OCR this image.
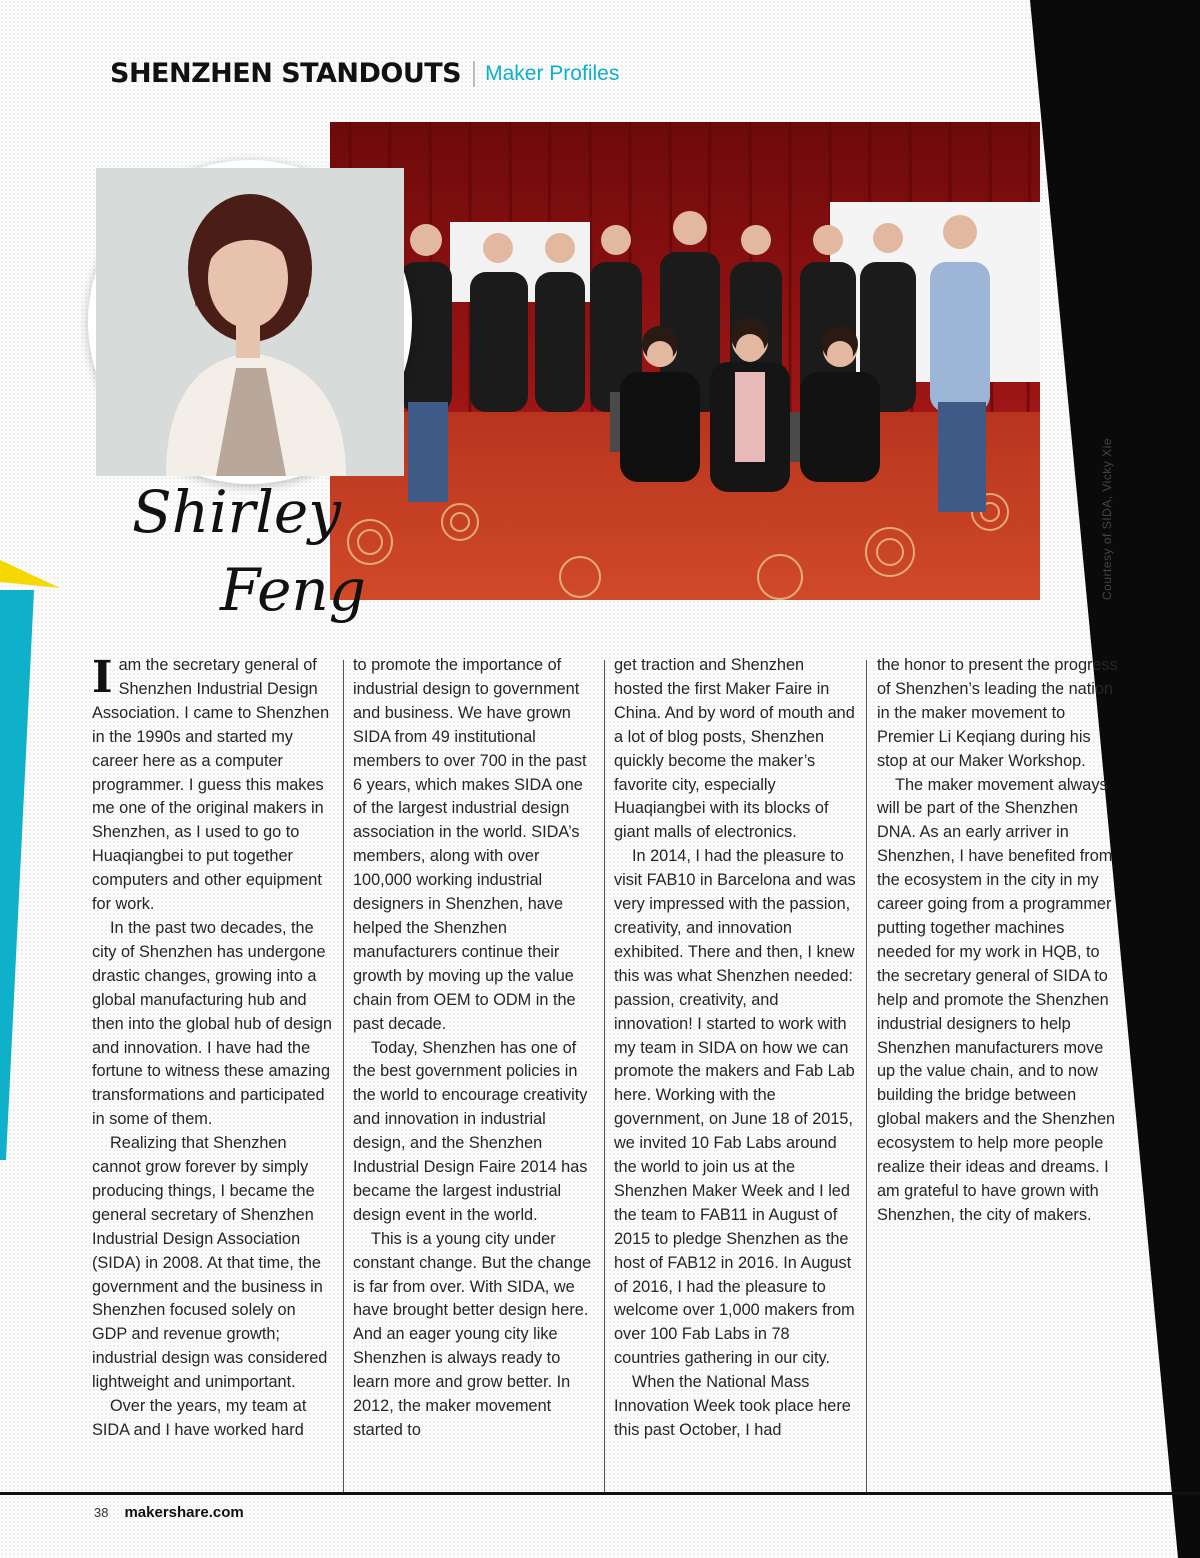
SHENZHEN STANDOUTS Maker Profiles
Shirley
Feng	Courtesy of SIDA, Vicky Xie

Iam the secretary general of Shenzhen Industrial Design Association. I came to Shenzhen in the 1990s and started my career here as a computer programmer. I guess this makes me one of the original makers in Shenzhen, as I used to go to Huaqiangbei to put together computers and other equipment for work.

In the past two decades, the city of Shenzhen has undergone drastic changes, growing into a global manufacturing hub and then into the global hub of design and innovation. I have had the fortune to witness these amazing transformations and participated in some of them.

Realizing that Shenzhen cannot grow forever by simply producing things, I became the general secretary of Shenzhen Industrial Design Association (SIDA) in 2008. At that time, the government and the business in Shenzhen focused solely on GDP and revenue growth; industrial design was considered lightweight and unimportant.

Over the years, my team at SIDA and I have worked hard

to promote the importance of industrial design to government and business. We have grown SIDA from 49 institutional members to over 700 in the past 6 years, which makes SIDA one of the largest industrial design association in the world. SIDA’s members, along with over 100,000 working industrial designers in Shenzhen, have helped the Shenzhen manufacturers continue their growth by moving up the value chain from OEM to ODM in the past decade.

Today, Shenzhen has one of the best government policies in the world to encourage creativity and innovation in industrial design, and the Shenzhen Industrial Design Faire 2014 has became the largest industrial design event in the world.

This is a young city under constant change. But the change is far from over. With SIDA, we have brought better design here. And an eager young city like Shenzhen is always ready to learn more and grow better. In 2012, the maker movement started to

get traction and Shenzhen hosted the first Maker Faire in China. And by word of mouth and a lot of blog posts, Shenzhen quickly become the maker’s favorite city, especially Huaqiangbei with its blocks of giant malls of electronics.

In 2014, I had the pleasure to visit FAB10 in Barcelona and was very impressed with the passion, creativity, and innovation exhibited. There and then, I knew this was what Shenzhen needed: passion, creativity, and innovation! I started to work with my team in SIDA on how we can promote the makers and Fab Lab here. Working with the government, on June 18 of 2015, we invited 10 Fab Labs around the world to join us at the Shenzhen Maker Week and I led the team to FAB11 in August of 2015 to pledge Shenzhen as the host of FAB12 in 2016. In August of 2016, I had the pleasure to welcome over 1,000 makers from over 100 Fab Labs in 78 countries gathering in our city.

When the National Mass Innovation Week took place here this past October, I had

the honor to present the progress of Shenzhen’s leading the nation in the maker movement to Premier Li Keqiang during his stop at our Maker Workshop.

The maker movement always will be part of the Shenzhen DNA. As an early arriver in Shenzhen, I have benefited from the ecosystem in the city in my career going from a programmer putting together machines needed for my work in HQB, to the secretary general of SIDA to help and promote the Shenzhen industrial designers to help Shenzhen manufacturers move up the value chain, and to now building the bridge between global makers and the Shenzhen ecosystem to help more people realize their ideas and dreams. I am grateful to have grown with Shenzhen, the city of makers.

38 makershare.com
